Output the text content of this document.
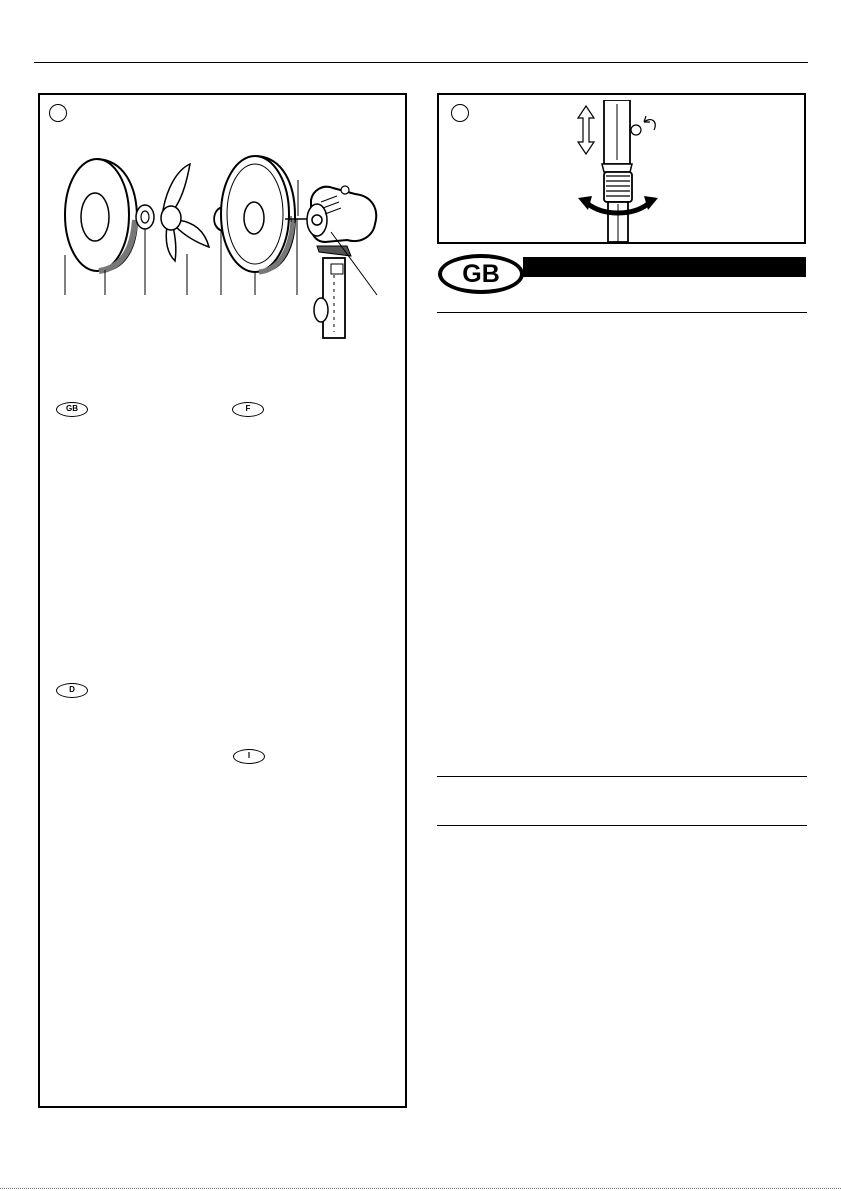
GB	F
D
I
GB
